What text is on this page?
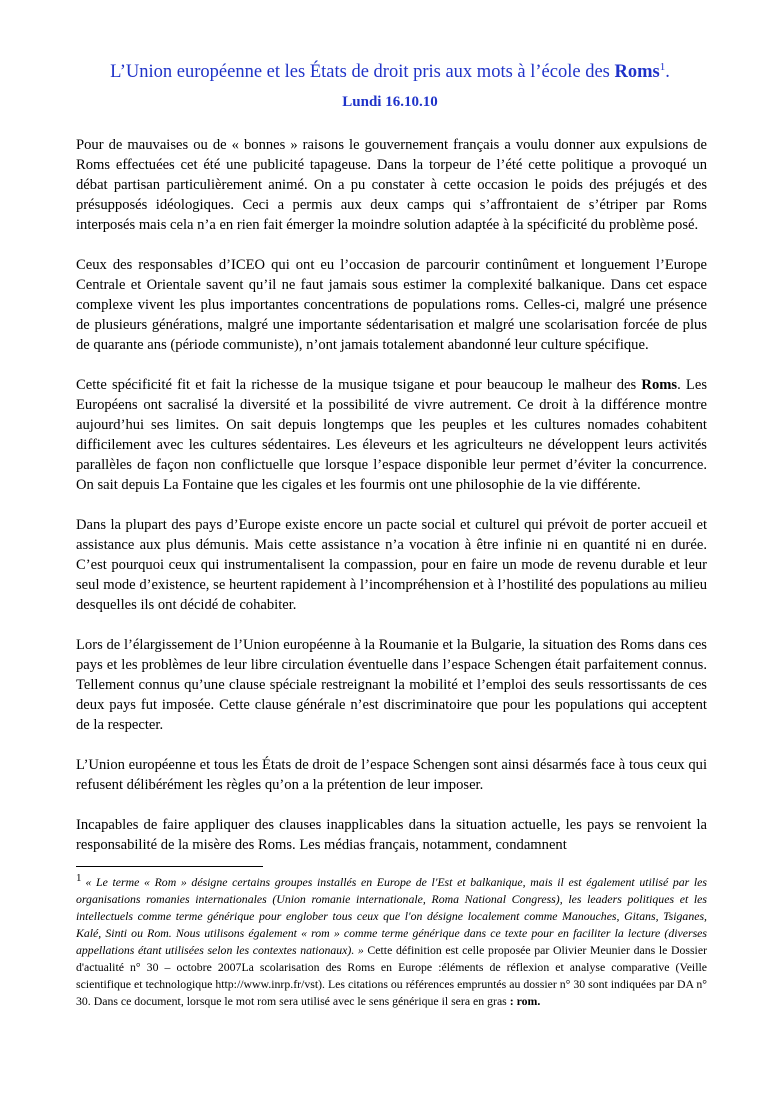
L’Union européenne et les États de droit pris aux mots à l’école des Roms$^1$.
Lundi 16.10.10

Pour de mauvaises ou de « bonnes » raisons le gouvernement français a voulu donner aux expulsions de Roms effectuées cet été une publicité tapageuse. Dans la torpeur de l’été cette politique a provoqué un débat partisan particulièrement animé. On a pu constater à cette occasion le poids des préjugés et des présupposés idéologiques. Ceci a permis aux deux camps qui s’affrontaient de s’étriper par Roms interposés mais cela n’a en rien fait émerger la moindre solution adaptée à la spécificité du problème posé.

Ceux des responsables d’ICEO qui ont eu l’occasion de parcourir continûment et longuement l’Europe Centrale et Orientale savent qu’il ne faut jamais sous estimer la complexité balkanique. Dans cet espace complexe vivent les plus importantes concentrations de populations roms. Celles-ci, malgré une présence de plusieurs générations, malgré une importante sédentarisation et malgré une scolarisation forcée de plus de quarante ans (période communiste), n’ont jamais totalement abandonné leur culture spécifique.

Cette spécificité fit et fait la richesse de la musique tsigane et pour beaucoup le malheur des Roms. Les Européens ont sacralisé la diversité et la possibilité de vivre autrement. Ce droit à la différence montre aujourd’hui ses limites. On sait depuis longtemps que les peuples et les cultures nomades cohabitent difficilement avec les cultures sédentaires. Les éleveurs et les agriculteurs ne développent leurs activités parallèles de façon non conflictuelle que lorsque l’espace disponible leur permet d’éviter la concurrence. On sait depuis La Fontaine que les cigales et les fourmis ont une philosophie de la vie différente.

Dans la plupart des pays d’Europe existe encore un pacte social et culturel qui prévoit de porter accueil et assistance aux plus démunis. Mais cette assistance n’a vocation à être infinie ni en quantité ni en durée. C’est pourquoi ceux qui instrumentalisent la compassion, pour en faire un mode de revenu durable et leur seul mode d’existence, se heurtent rapidement à l’incompréhension et à l’hostilité des populations au milieu desquelles ils ont décidé de cohabiter.

Lors de l’élargissement de l’Union européenne à la Roumanie et la Bulgarie, la situation des Roms dans ces pays et les problèmes de leur libre circulation éventuelle dans l’espace Schengen était parfaitement connus. Tellement connus qu’une clause spéciale restreignant la mobilité et l’emploi des seuls ressortissants de ces deux pays fut imposée. Cette clause générale n’est discriminatoire que pour les populations qui acceptent de la respecter.

L’Union européenne et tous les États de droit de l’espace Schengen sont ainsi désarmés face à tous ceux qui refusent délibérément les règles qu’on a la prétention de leur imposer.

Incapables de faire appliquer des clauses inapplicables dans la situation actuelle, les pays se renvoient la responsabilité de la misère des Roms. Les médias français, notamment, condamnent

1 « Le terme « Rom » désigne certains groupes installés en Europe de l'Est et balkanique, mais il est également utilisé par les organisations romanies internationales (Union romanie internationale, Roma National Congress), les leaders politiques et les intellectuels comme terme générique pour englober tous ceux que l'on désigne localement comme Manouches, Gitans, Tsiganes, Kalé, Sinti ou Rom. Nous utilisons également « rom » comme terme générique dans ce texte pour en faciliter la lecture (diverses appellations étant utilisées selon les contextes nationaux). » Cette définition est celle proposée par Olivier Meunier dans le Dossier d'actualité n° 30 – octobre 2007La scolarisation des Roms en Europe :éléments de réflexion et analyse comparative (Veille scientifique et technologique http://www.inrp.fr/vst). Les citations ou références empruntés au dossier n° 30 sont indiquées par DA n° 30. Dans ce document, lorsque le mot rom sera utilisé avec le sens générique il sera en gras : rom.
